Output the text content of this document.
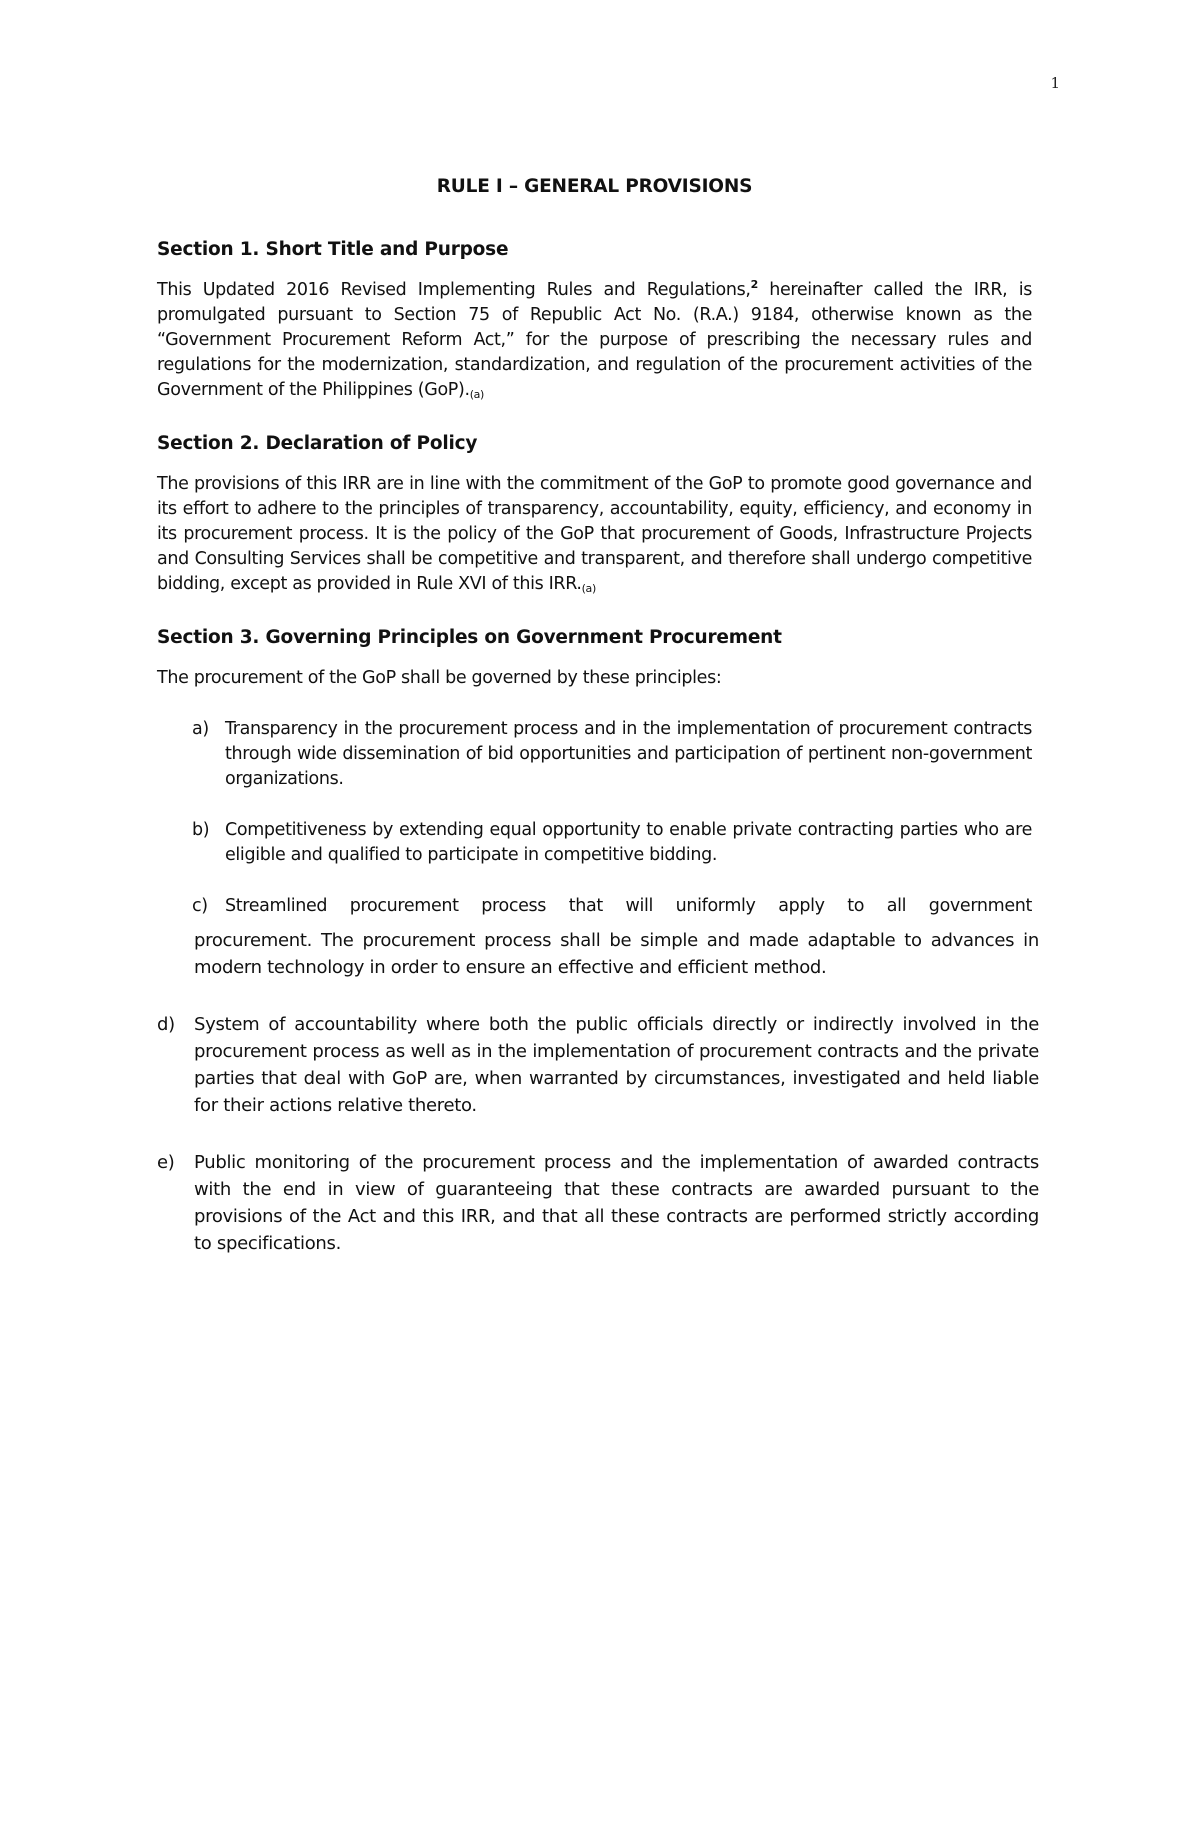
1
RULE I – GENERAL PROVISIONS
Section 1. Short Title and Purpose

This Updated 2016 Revised Implementing Rules and Regulations,$^2$ hereinafter called the IRR, is promulgated pursuant to Section 75 of Republic Act No. (R.A.) 9184, otherwise known as the “Government Procurement Reform Act,” for the purpose of prescribing the necessary rules and regulations for the modernization, standardization, and regulation of the procurement activities of the Government of the Philippines (GoP).(a)

Section 2. Declaration of Policy

The provisions of this IRR are in line with the commitment of the GoP to promote good governance and its effort to adhere to the principles of transparency, accountability, equity, efficiency, and economy in its procurement process. It is the policy of the GoP that procurement of Goods, Infrastructure Projects and Consulting Services shall be competitive and transparent, and therefore shall undergo competitive bidding, except as provided in Rule XVI of this IRR.(a)

Section 3. Governing Principles on Government Procurement

The procurement of the GoP shall be governed by these principles:

a) Transparency in the procurement process and in the implementation of procurement contracts through wide dissemination of bid opportunities and participation of pertinent non-government organizations.
b) Competitiveness by extending equal opportunity to enable private contracting parties who are eligible and qualified to participate in competitive bidding.
c) Streamlined procurement process that will uniformly apply to all government

procurement. The procurement process shall be simple and made adaptable to advances in modern technology in order to ensure an effective and efficient method.

d)	System of accountability where both the public officials directly or indirectly involved in the procurement process as well as in the implementation of procurement contracts and the private parties that deal with GoP are, when warranted by circumstances, investigated and held liable for their actions relative thereto.
e)	Public monitoring of the procurement process and the implementation of awarded contracts with the end in view of guaranteeing that these contracts are awarded pursuant to the provisions of the Act and this IRR, and that all these contracts are performed strictly according to specifications.
